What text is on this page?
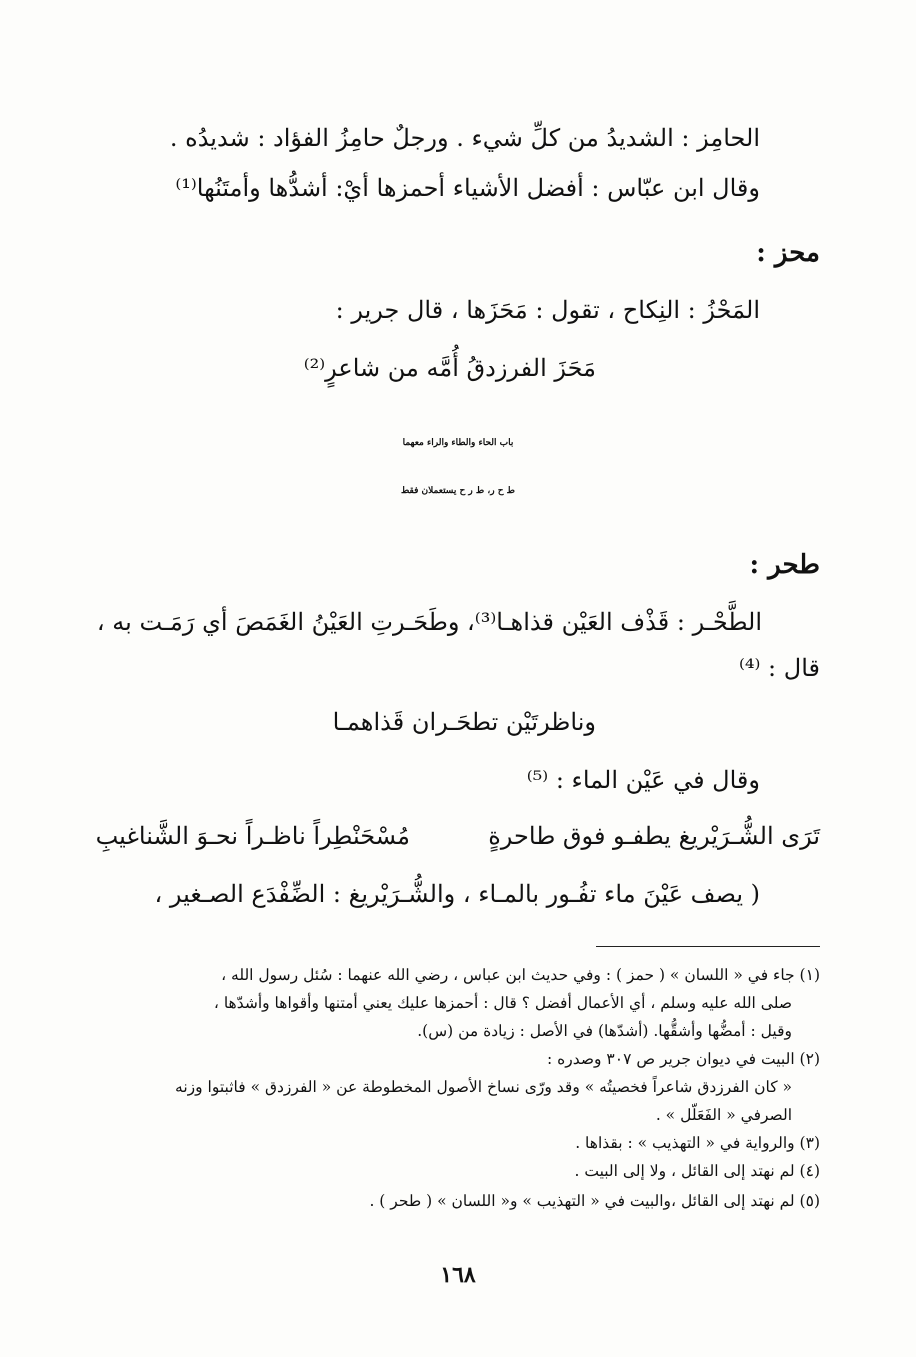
الحامِز : الشديدُ من كلِّ شيء . ورجلٌ حامِزُ الفؤاد : شديدُه .
وقال ابن عبّاس : أفضل الأشياء أحمزها أيْ: أشدُّها وأمتَنُها⁽¹⁾
محز :
المَحْزُ : النِكاح ، تقول : مَحَزَها ، قال جرير :
مَحَزَ الفرزدقُ أُمَّه من شاعرٍ⁽²⁾
باب الحاء والطاء والراء معهما
ط ح ر، ط ر ح يستعملان فقط
طحر :
الطَّحْـر : قَذْف العَيْن قذاهـا⁽³⁾، وطَحَـرتِ العَيْنُ الغَمَصَ أي رَمَـت به ،
قال : ⁽⁴⁾
وناظرتَيْن تطحَـران قَذاهمـا
وقال في عَيْن الماء : ⁽⁵⁾
تَرَى الشُّـرَيْريغ يطفـو فوق طاحرةٍ
مُسْحَنْطِراً ناظـراً نحـوَ الشَّناغيبِ
( يصف عَيْنَ ماء تفُـور بالمـاء ، والشُّـرَيْريغ : الضِّفْدَع الصـغير ،
(١) جاء في « اللسان » ( حمز ) : وفي حديث ابن عباس ، رضي الله عنهما : سُئل رسول الله ،
صلى الله عليه وسلم ، أي الأعمال أفضل ؟ قال : أحمزها عليك يعني أمتنها وأقواها وأشدّها ،
وقيل : أمضُّها وأشقُّها. (أشدّها) في الأصل : زيادة من (س).
(٢) البيت في ديوان جرير ص ٣٠٧ وصدره :
« كان الفرزدق شاعراً فخصيتُه » وقد ورّى نساخ الأصول المخطوطة عن « الفرزدق » فاثبتوا وزنه
الصرفي « الفَعَلّل » .
(٣) والرواية في « التهذيب » : بقذاها .
(٤) لم نهتد إلى القائل ، ولا إلى البيت .
(٥) لم نهتد إلى القائل ،والبيت في « التهذيب » و« اللسان » ( طحر ) .
١٦٨
